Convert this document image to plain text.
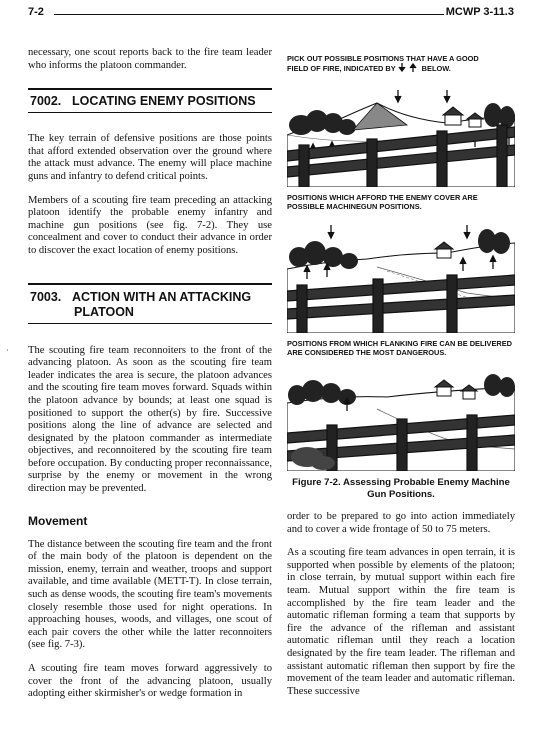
7-2	MCWP 3-11.3
·

necessary, one scout reports back to the fire team leader who informs the platoon commander.

7002. LOCATING ENEMY POSITIONS

The key terrain of defensive positions are those points that afford extended observation over the ground where the attack must advance. The enemy will place machine guns and infantry to defend critical points.

Members of a scouting fire team preceding an attacking platoon identify the probable enemy infantry and machine gun positions (see fig. 7-2). They use concealment and cover to conduct their advance in order to discover the exact location of enemy positions.

7003. ACTION WITH AN ATTACKING
PLATOON

The scouting fire team reconnoiters to the front of the advancing platoon. As soon as the scouting fire team leader indicates the area is secure, the platoon advances and the scouting fire team moves forward. Squads within the platoon advance by bounds; at least one squad is positioned to support the other(s) by fire. Successive positions along the line of advance are selected and designated by the platoon commander as intermediate objectives, and reconnoitered by the scouting fire team before occupation. By conducting proper reconnaissance, surprise by the enemy or movement in the wrong direction may be prevented.

Movement

The distance between the scouting fire team and the front of the main body of the platoon is dependent on the mission, enemy, terrain and weather, troops and support available, and time available (METT-T). In close terrain, such as dense woods, the scouting fire team's movements closely resemble those used for night operations. In approaching houses, woods, and villages, one scout of each pair covers the other while the latter reconnoiters (see fig. 7-3).

A scouting fire team moves forward aggressively to cover the front of the advancing platoon, usually adopting either skirmisher's or wedge formation in

PICK OUT POSSIBLE POSITIONS THAT HAVE A GOOD
FIELD OF FIRE, INDICATED BY	BELOW.

POSITIONS WHICH AFFORD THE ENEMY COVER ARE POSSIBLE MACHINEGUN POSITIONS.

POSITIONS FROM WHICH FLANKING FIRE CAN BE DELIVERED ARE CONSIDERED THE MOST DANGEROUS.

Figure 7-2. Assessing Probable Enemy Machine Gun Positions.

order to be prepared to go into action immediately and to cover a wide frontage of 50 to 75 meters.

As a scouting fire team advances in open terrain, it is supported when possible by elements of the platoon; in close terrain, by mutual support within each fire team. Mutual support within the fire team is accomplished by the fire team leader and the automatic rifleman forming a team that supports by fire the advance of the rifleman and assistant automatic rifleman until they reach a location designated by the fire team leader. The rifleman and assistant automatic rifleman then support by fire the movement of the team leader and automatic rifleman. These successive
